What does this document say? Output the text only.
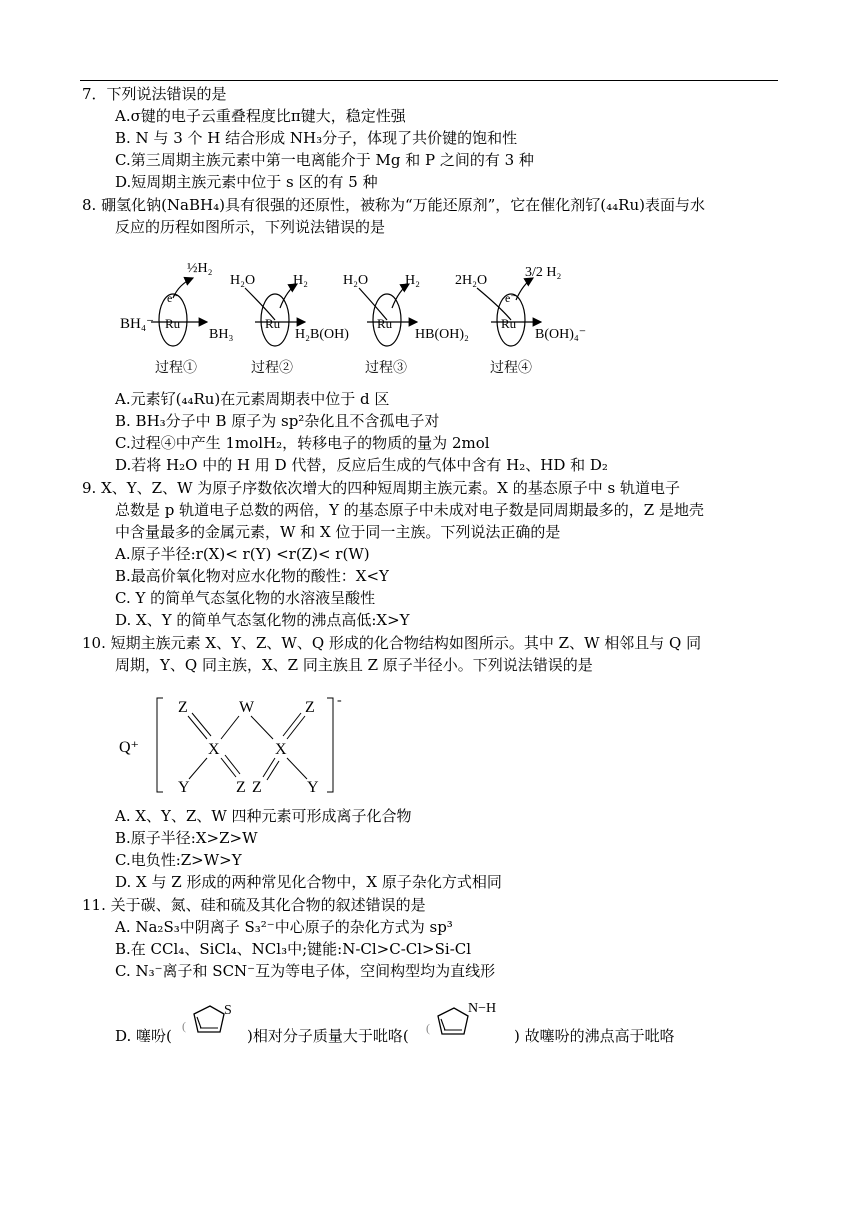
7．下列说法错误的是
A.σ键的电子云重叠程度比π键大，稳定性强
B. N 与 3 个 H 结合形成 NH₃分子，体现了共价键的饱和性
C.第三周期主族元素中第一电离能介于 Mg 和 P 之间的有 3 种
D.短周期主族元素中位于 s 区的有 5 种
8. 硼氢化钠(NaBH₄)具有很强的还原性，被称为“万能还原剂”，它在催化剂钌(₄₄Ru)表面与水
反应的历程如图所示，下列说法错误的是
BH₄⁻ Ru
e⁻
½H₂
BH₃
过程①
Ru
H₂O	H₂
H₂B(OH)
过程②
Ru
H₂O	H₂
HB(OH)₂
过程③
Ru
e⁻
2H₂O
3/2 H₂
B(OH)₄⁻
过程④
A.元素钌(₄₄Ru)在元素周期表中位于 d 区
B. BH₃分子中 B 原子为 sp²杂化且不含孤电子对
C.过程④中产生 1molH₂，转移电子的物质的量为 2mol
D.若将 H₂O 中的 H 用 D 代替，反应后生成的气体中含有 H₂、HD 和 D₂
9. X、Y、Z、W 为原子序数依次增大的四种短周期主族元素。X 的基态原子中 s 轨道电子
总数是 p 轨道电子总数的两倍，Y 的基态原子中未成对电子数是同周期最多的，Z 是地壳
中含量最多的金属元素，W 和 X 位于同一主族。下列说法正确的是
A.原子半径:r(X)< r(Y) <r(Z)< r(W)
B.最高价氧化物对应水化物的酸性：X<Y
C. Y 的简单气态氢化物的水溶液呈酸性
D. X、Y 的简单气态氢化物的沸点高低:X>Y
10. 短期主族元素 X、Y、Z、W、Q 形成的化合物结构如图所示。其中 Z、W 相邻且与 Q 同
周期，Y、Q 同主族，X、Z 同主族且 Z 原子半径小。下列说法错误的是
Q⁺
-
Z	W	Z
X	X
Y	Z Z	Y
A. X、Y、Z、W 四种元素可形成离子化合物
B.原子半径:X>Z>W
C.电负性:Z>W>Y
D. X 与 Z 形成的两种常见化合物中，X 原子杂化方式相同
11. 关于碳、氮、硅和硫及其化合物的叙述错误的是
A. Na₂S₃中阴离子 S₃²⁻中心原子的杂化方式为 sp³
B.在 CCl₄、SiCl₄、NCl₃中;键能:N-Cl>C-Cl>Si-Cl
C. N₃⁻离子和 SCN⁻互为等电子体，空间构型均为直线形
D. 噻吩(
S
(
)相对分子质量大于吡咯(
N−H
(	) 故噻吩的沸点高于吡咯
